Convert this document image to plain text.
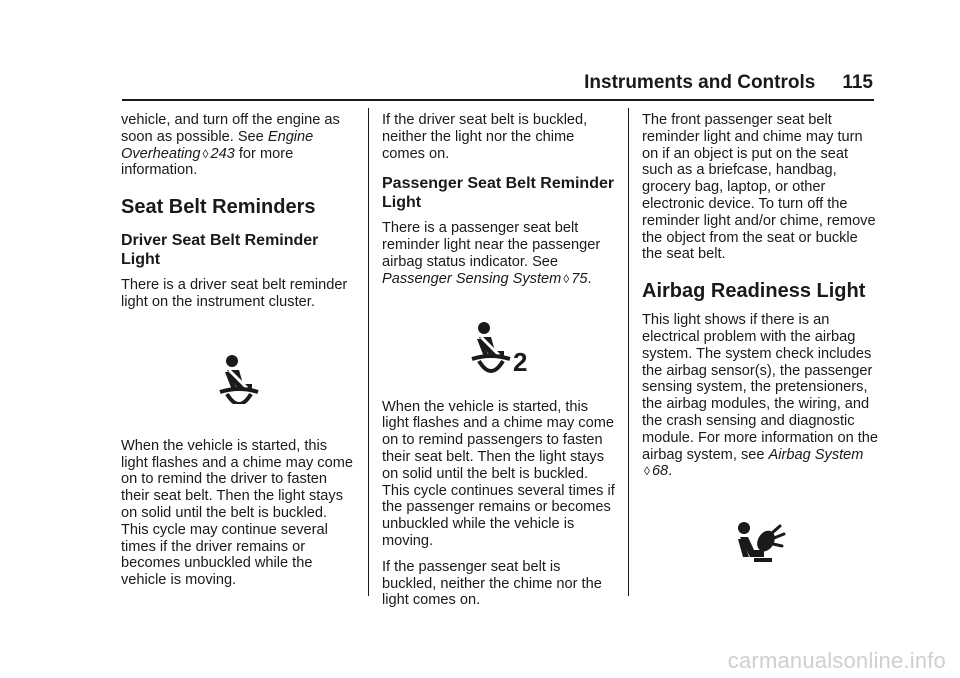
Instruments and Controls 115

vehicle, and turn off the engine as soon as possible. See Engine Overheating ◊ 243 for more information.

Seat Belt Reminders
Driver Seat Belt Reminder Light

There is a driver seat belt reminder light on the instrument cluster.

When the vehicle is started, this light flashes and a chime may come on to remind the driver to fasten their seat belt. Then the light stays on solid until the belt is buckled. This cycle may continue several times if the driver remains or becomes unbuckled while the vehicle is moving.

If the driver seat belt is buckled, neither the light nor the chime comes on.

Passenger Seat Belt Reminder Light

There is a passenger seat belt reminder light near the passenger airbag status indicator. See Passenger Sensing System ◊ 75.

2

When the vehicle is started, this light flashes and a chime may come on to remind passengers to fasten their seat belt. Then the light stays on solid until the belt is buckled. This cycle continues several times if the passenger remains or becomes unbuckled while the vehicle is moving.

If the passenger seat belt is buckled, neither the chime nor the light comes on.

The front passenger seat belt reminder light and chime may turn on if an object is put on the seat such as a briefcase, handbag, grocery bag, laptop, or other electronic device. To turn off the reminder light and/or chime, remove the object from the seat or buckle the seat belt.

Airbag Readiness Light

This light shows if there is an electrical problem with the airbag system. The system check includes the airbag sensor(s), the passenger sensing system, the pretensioners, the airbag modules, the wiring, and the crash sensing and diagnostic module. For more information on the airbag system, see Airbag System
◊ 68.

carmanualsonline.info
